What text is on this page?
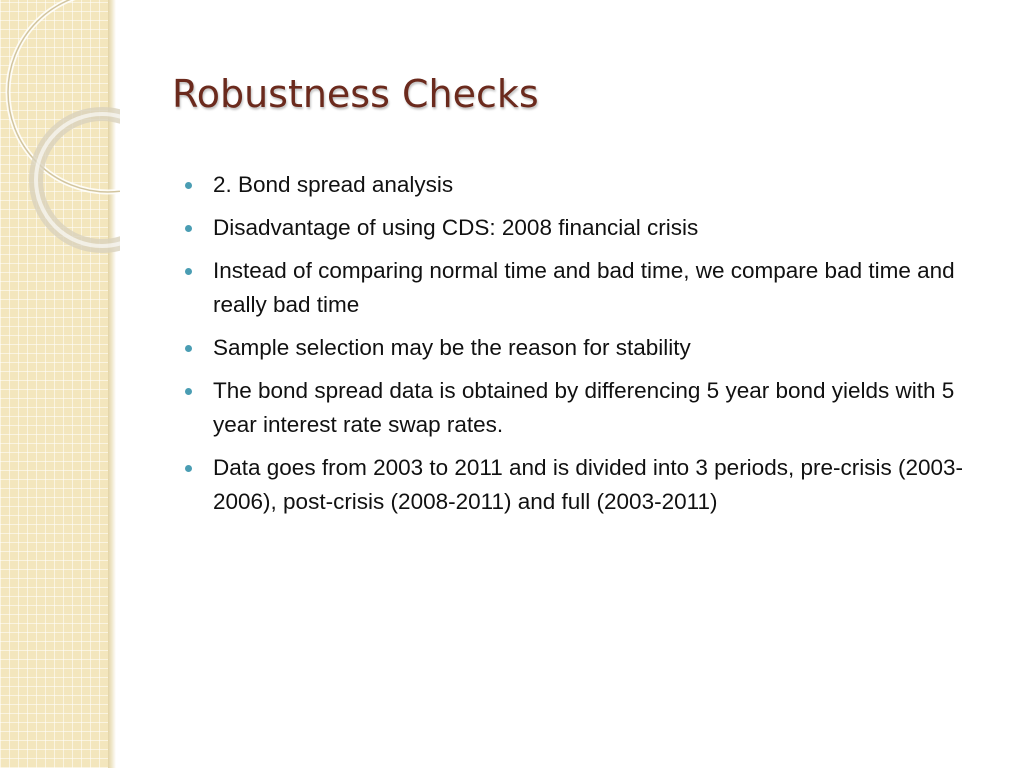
Robustness Checks
2. Bond spread analysis
Disadvantage of using CDS: 2008 financial crisis
Instead of comparing normal time and bad time, we compare bad time and really bad time
Sample selection may be the reason for stability
The bond spread data is obtained by differencing 5 year bond yields with 5 year interest rate swap rates.
Data goes from 2003 to 2011 and is divided into 3 periods, pre-crisis (2003-2006), post-crisis (2008-2011) and full (2003-2011)
